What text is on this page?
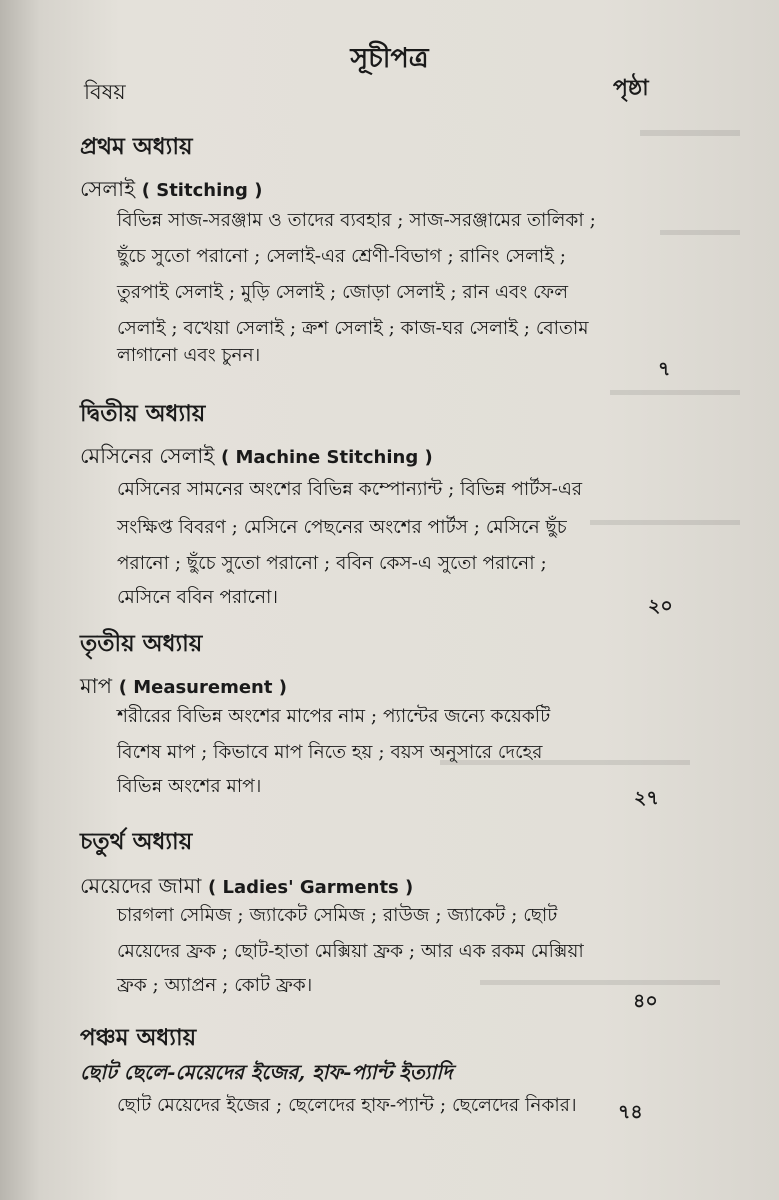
সূচীপত্র
বিষয়	পৃষ্ঠা
প্রথম অধ্যায়
সেলাই ( Stitching )
বিভিন্ন সাজ-সরঞ্জাম ও তাদের ব্যবহার ; সাজ-সরঞ্জামের তালিকা ;
ছুঁচে সুতো পরানো ; সেলাই-এর শ্রেণী-বিভাগ ; রানিং সেলাই ;
তুরপাই সেলাই ; মুড়ি সেলাই ; জোড়া সেলাই ; রান এবং ফেল
সেলাই ; বখেয়া সেলাই ; ক্রশ সেলাই ; কাজ-ঘর সেলাই ; বোতাম
লাগানো এবং চুনন।
৭
দ্বিতীয় অধ্যায়
মেসিনের সেলাই ( Machine Stitching )
মেসিনের সামনের অংশের বিভিন্ন কম্পোন্যান্ট ; বিভিন্ন পার্টস-এর
সংক্ষিপ্ত বিবরণ ; মেসিনে পেছনের অংশের পার্টস ; মেসিনে ছুঁচ
পরানো ; ছুঁচে সুতো পরানো ; ববিন কেস-এ সুতো পরানো ;
মেসিনে ববিন পরানো।	২০
তৃতীয় অধ্যায়
মাপ ( Measurement )
শরীরের বিভিন্ন অংশের মাপের নাম ; প্যান্টের জন্যে কয়েকটি
বিশেষ মাপ ; কিভাবে মাপ নিতে হয় ; বয়স অনুসারে দেহের
বিভিন্ন অংশের মাপ।
২৭
চতুর্থ অধ্যায়
মেয়েদের জামা ( Ladies' Garments )
চারগলা সেমিজ ; জ্যাকেট সেমিজ ; রাউজ ; জ্যাকেট ; ছোট
মেয়েদের ফ্রক ; ছোট-হাতা মেক্সিয়া ফ্রক ; আর এক রকম মেক্সিয়া
ফ্রক ; অ্যাপ্রন ; কোট ফ্রক।
৪০
পঞ্চম অধ্যায়
ছোট ছেলে-মেয়েদের ইজের, হাফ-প্যান্ট ইত্যাদি
ছোট মেয়েদের ইজের ; ছেলেদের হাফ-প্যান্ট ; ছেলেদের নিকার। ৭৪
